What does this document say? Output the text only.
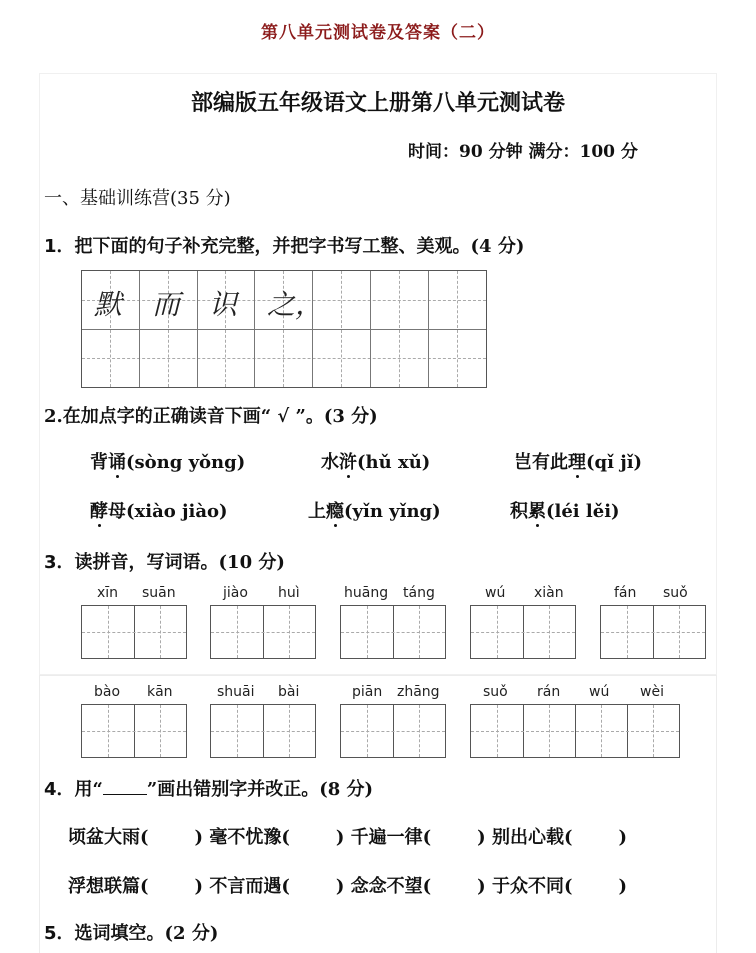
第八单元测试卷及答案（二）
部编版五年级语文上册第八单元测试卷
时间：90 分钟 满分：100 分
一、基础训练营(35 分)
1．把下面的句子补充完整，并把字书写工整、美观。(4 分)
默 而 识 之，
2.在加点字的正确读音下画“ √ ”。(3 分)
背诵(sòng yǒng)	水浒(hǔ xǔ)	岂有此理(qǐ jǐ)
酵母(xiào jiào)	上瘾(yǐn yǐng)	积累(léi lěi)
3．读拼音，写词语。(10 分)
xīn suān	jiào huì	huāng táng	wú xiàn	fán suǒ
bào kān	shuāi bài	piān zhāng	suǒ rán wú wèi
4．用“ ”画出错别字并改正。(8 分)
顷盆大雨(	) 毫不忧豫(	) 千遍一律(	) 别出心载(	)
浮想联篇(	) 不言而遇(	) 念念不望(	) 于众不同(	)
5．选词填空。(2 分)
